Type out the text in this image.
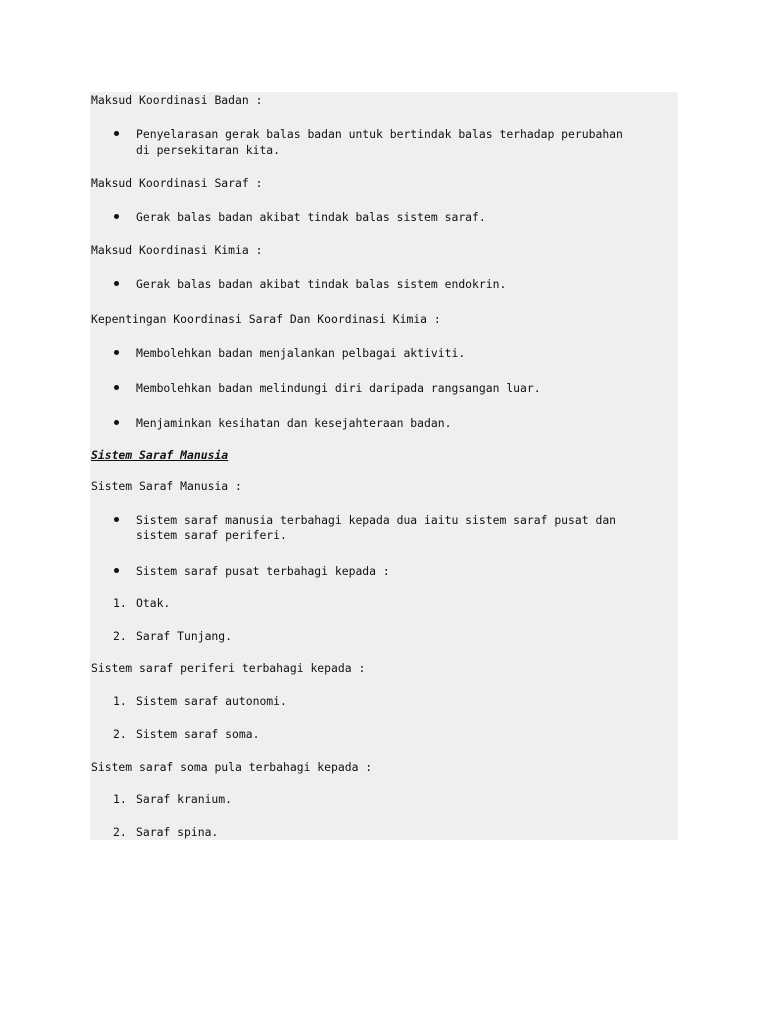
Maksud Koordinasi Badan :
Penyelarasan gerak balas badan untuk bertindak balas terhadap perubahan
di persekitaran kita.
Maksud Koordinasi Saraf :
Gerak balas badan akibat tindak balas sistem saraf.
Maksud Koordinasi Kimia :
Gerak balas badan akibat tindak balas sistem endokrin.
Kepentingan Koordinasi Saraf Dan Koordinasi Kimia :
Membolehkan badan menjalankan pelbagai aktiviti.
Membolehkan badan melindungi diri daripada rangsangan luar.
Menjaminkan kesihatan dan kesejahteraan badan.
Sistem Saraf Manusia
Sistem Saraf Manusia :
Sistem saraf manusia terbahagi kepada dua iaitu sistem saraf pusat dan
sistem saraf periferi.
Sistem saraf pusat terbahagi kepada :
1. Otak.
2. Saraf Tunjang.
Sistem saraf periferi terbahagi kepada :
1. Sistem saraf autonomi.
2. Sistem saraf soma.
Sistem saraf soma pula terbahagi kepada :
1. Saraf kranium.
2. Saraf spina.
